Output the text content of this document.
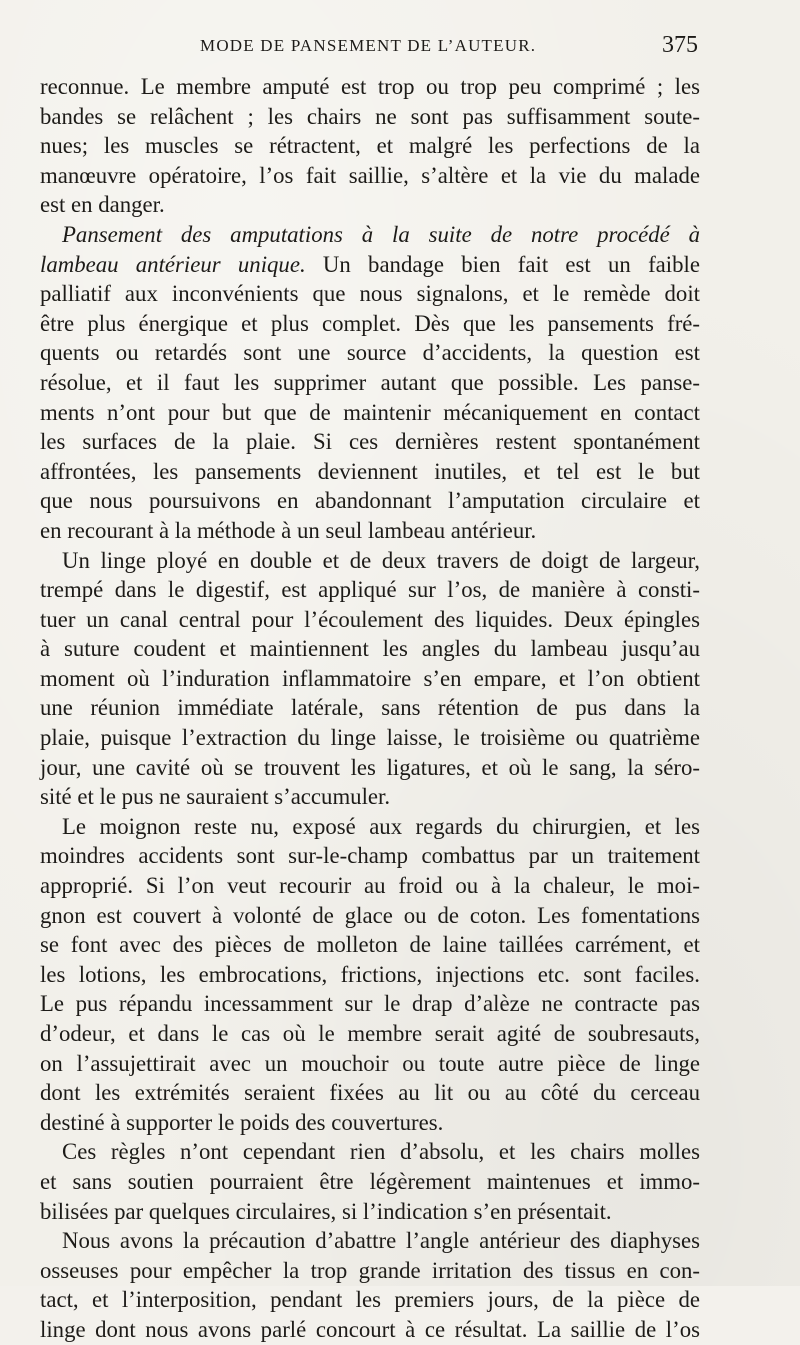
MODE DE PANSEMENT DE L’AUTEUR.	375
reconnue. Le membre amputé est trop ou trop peu comprimé ; les
bandes se relâchent ; les chairs ne sont pas suffisamment soute-
nues; les muscles se rétractent, et malgré les perfections de la
manœuvre opératoire, l’os fait saillie, s’altère et la vie du malade
est en danger.
Pansement des amputations à la suite de notre procédé à
lambeau antérieur unique. Un bandage bien fait est un faible
palliatif aux inconvénients que nous signalons, et le remède doit
être plus énergique et plus complet. Dès que les pansements fré-
quents ou retardés sont une source d’accidents, la question est
résolue, et il faut les supprimer autant que possible. Les panse-
ments n’ont pour but que de maintenir mécaniquement en contact
les surfaces de la plaie. Si ces dernières restent spontanément
affrontées, les pansements deviennent inutiles, et tel est le but
que nous poursuivons en abandonnant l’amputation circulaire et
en recourant à la méthode à un seul lambeau antérieur.
Un linge ployé en double et de deux travers de doigt de largeur,
trempé dans le digestif, est appliqué sur l’os, de manière à consti-
tuer un canal central pour l’écoulement des liquides. Deux épingles
à suture coudent et maintiennent les angles du lambeau jusqu’au
moment où l’induration inflammatoire s’en empare, et l’on obtient
une réunion immédiate latérale, sans rétention de pus dans la
plaie, puisque l’extraction du linge laisse, le troisième ou quatrième
jour, une cavité où se trouvent les ligatures, et où le sang, la séro-
sité et le pus ne sauraient s’accumuler.
Le moignon reste nu, exposé aux regards du chirurgien, et les
moindres accidents sont sur-le-champ combattus par un traitement
approprié. Si l’on veut recourir au froid ou à la chaleur, le moi-
gnon est couvert à volonté de glace ou de coton. Les fomentations
se font avec des pièces de molleton de laine taillées carrément, et
les lotions, les embrocations, frictions, injections etc. sont faciles.
Le pus répandu incessamment sur le drap d’alèze ne contracte pas
d’odeur, et dans le cas où le membre serait agité de soubresauts,
on l’assujettirait avec un mouchoir ou toute autre pièce de linge
dont les extrémités seraient fixées au lit ou au côté du cerceau
destiné à supporter le poids des couvertures.
Ces règles n’ont cependant rien d’absolu, et les chairs molles
et sans soutien pourraient être légèrement maintenues et immo-
bilisées par quelques circulaires, si l’indication s’en présentait.
Nous avons la précaution d’abattre l’angle antérieur des diaphyses
osseuses pour empêcher la trop grande irritation des tissus en con-
tact, et l’interposition, pendant les premiers jours, de la pièce de
linge dont nous avons parlé concourt à ce résultat. La saillie de l’os
